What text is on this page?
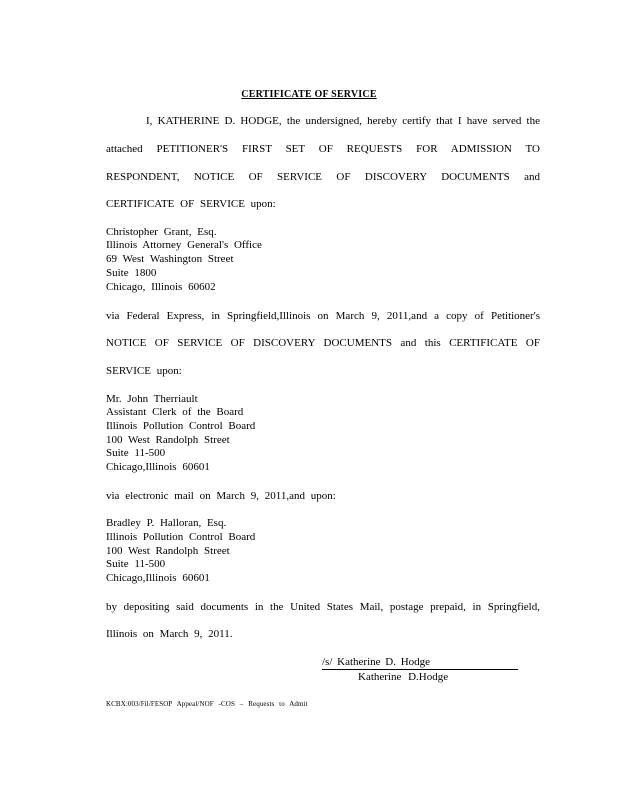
CERTIFICATE OF SERVICE
I, KATHERINE D. HODGE, the undersigned, hereby certify that I have served the
attached PETITIONER'S FIRST SET OF REQUESTS FOR ADMISSION TO
RESPONDENT, NOTICE OF SERVICE OF DISCOVERY DOCUMENTS and
CERTIFICATE OF SERVICE upon:
Christopher Grant, Esq.
Illinois Attorney General's Office
69 West Washington Street
Suite 1800
Chicago, Illinois 60602
via Federal Express, in Springfield,Illinois on March 9, 2011,and a copy of Petitioner's
NOTICE OF SERVICE OF DISCOVERY DOCUMENTS and this CERTIFICATE OF
SERVICE upon:
Mr. John Therriault
Assistant Clerk of the Board
Illinois Pollution Control Board
100 West Randolph Street
Suite 11-500
Chicago,Illinois 60601
via electronic mail on March 9, 2011,and upon:
Bradley P. Halloran, Esq.
Illinois Pollution Control Board
100 West Randolph Street
Suite 11-500
Chicago,Illinois 60601
by depositing said documents in the United States Mail, postage prepaid, in Springfield,
Illinois on March 9, 2011.
/s/ Katherine D. Hodge
Katherine D.Hodge
KCBX:003/Fil/FESOP Appeal/NOF -COS – Requests to Admit
